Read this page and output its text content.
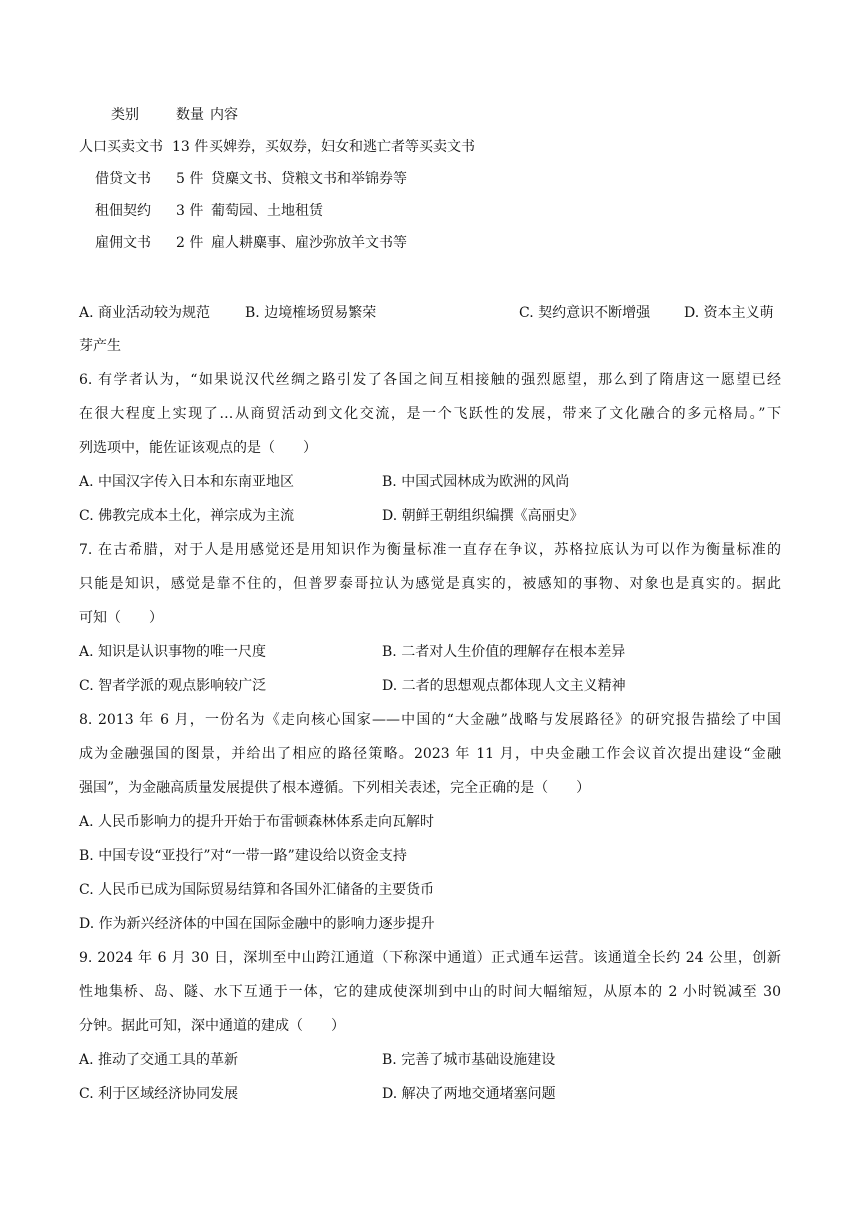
类别	数量 内容
人口买卖文书 13 件 买婢券，买奴券，妇女和逃亡者等买卖文书
借贷文书 5 件 贷麋文书、贷粮文书和举锦券等
租佃契约 3 件 葡萄园、土地租赁
雇佣文书 2 件 雇人耕麋事、雇沙弥放羊文书等
A. 商业活动较为规范 B. 边境榷场贸易繁荣	C. 契约意识不断增强 D. 资本主义萌
芽产生
6. 有学者认为，“如果说汉代丝绸之路引发了各国之间互相接触的强烈愿望，那么到了隋唐这一愿望已经
在很大程度上实现了…从商贸活动到文化交流，是一个飞跃性的发展，带来了文化融合的多元格局。”下
列选项中，能佐证该观点的是（　　）
A. 中国汉字传入日本和东南亚地区	B. 中国式园林成为欧洲的风尚
C. 佛教完成本土化，禅宗成为主流	D. 朝鲜王朝组织编撰《高丽史》
7. 在古希腊，对于人是用感觉还是用知识作为衡量标准一直存在争议，苏格拉底认为可以作为衡量标准的
只能是知识，感觉是靠不住的，但普罗泰哥拉认为感觉是真实的，被感知的事物、对象也是真实的。据此
可知（　　）
A. 知识是认识事物的唯一尺度	B. 二者对人生价值的理解存在根本差异
C. 智者学派的观点影响较广泛	D. 二者的思想观点都体现人文主义精神
8. 2013 年 6 月，一份名为《走向核心国家——中国的“大金融”战略与发展路径》的研究报告描绘了中国
成为金融强国的图景，并给出了相应的路径策略。2023 年 11 月，中央金融工作会议首次提出建设“金融
强国”，为金融高质量发展提供了根本遵循。下列相关表述，完全正确的是（　　）
A. 人民币影响力的提升开始于布雷顿森林体系走向瓦解时
B. 中国专设“亚投行”对“一带一路”建设给以资金支持
C. 人民币已成为国际贸易结算和各国外汇储备的主要货币
D. 作为新兴经济体的中国在国际金融中的影响力逐步提升
9. 2024 年 6 月 30 日，深圳至中山跨江通道（下称深中通道）正式通车运营。该通道全长约 24 公里，创新
性地集桥、岛、隧、水下互通于一体，它的建成使深圳到中山的时间大幅缩短，从原本的 2 小时锐减至 30
分钟。据此可知，深中通道的建成（　　）
A. 推动了交通工具的革新	B. 完善了城市基础设施建设
C. 利于区域经济协同发展	D. 解决了两地交通堵塞问题
